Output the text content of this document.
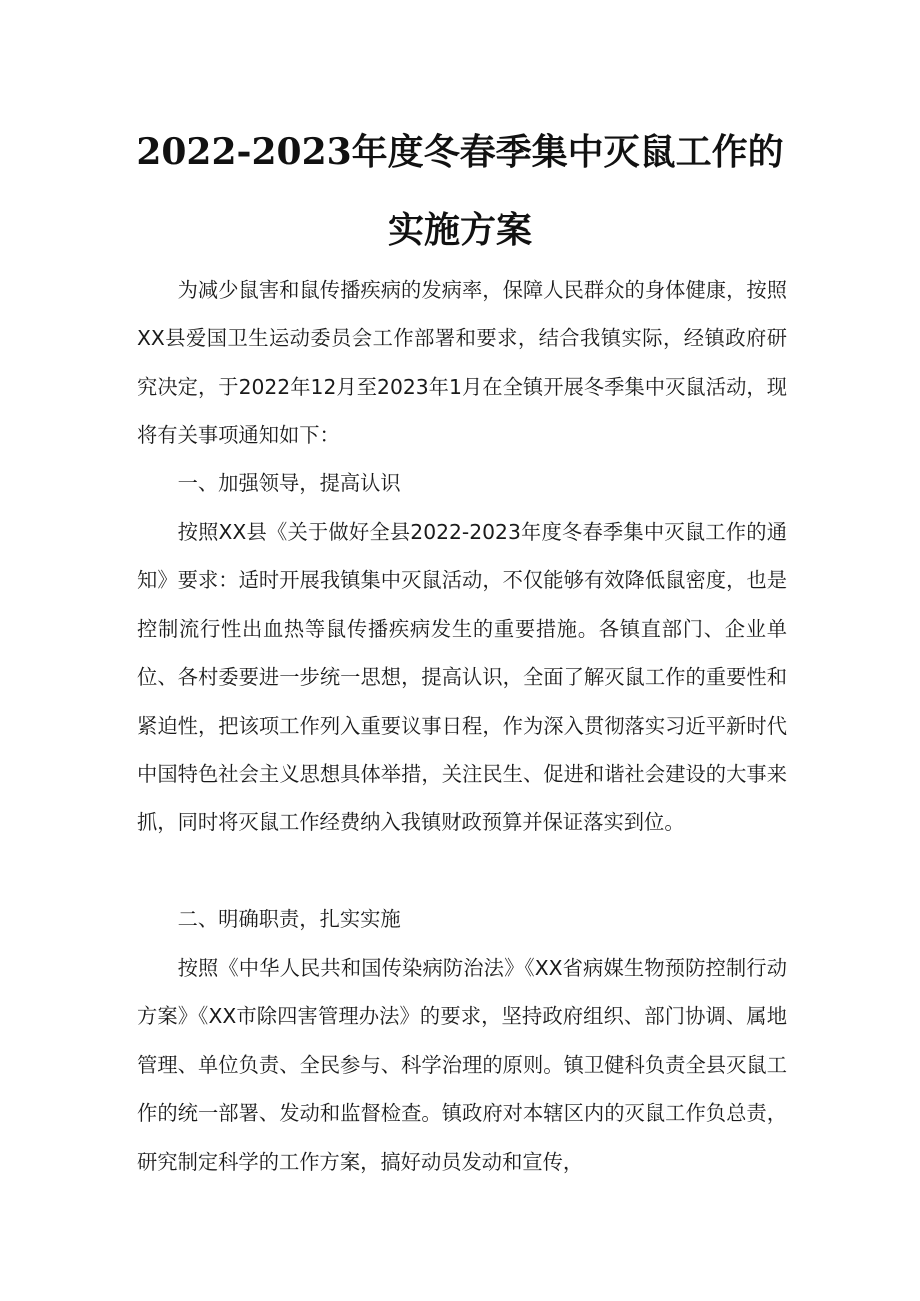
2022-2023年度冬春季集中灭鼠工作的
实施方案

为减少鼠害和鼠传播疾病的发病率，保障人民群众的身体健康，按照XX县爱国卫生运动委员会工作部署和要求，结合我镇实际，经镇政府研究决定，于2022年12月至2023年1月在全镇开展冬季集中灭鼠活动，现将有关事项通知如下：

一、加强领导，提高认识

按照XX县《关于做好全县2022-2023年度冬春季集中灭鼠工作的通知》要求：适时开展我镇集中灭鼠活动，不仅能够有效降低鼠密度，也是控制流行性出血热等鼠传播疾病发生的重要措施。各镇直部门、企业单位、各村委要进一步统一思想，提高认识，全面了解灭鼠工作的重要性和紧迫性，把该项工作列入重要议事日程，作为深入贯彻落实习近平新时代中国特色社会主义思想具体举措，关注民生、促进和谐社会建设的大事来抓，同时将灭鼠工作经费纳入我镇财政预算并保证落实到位。

二、明确职责，扎实实施

按照《中华人民共和国传染病防治法》《XX省病媒生物预防控制行动方案》《XX市除四害管理办法》的要求，坚持政府组织、部门协调、属地管理、单位负责、全民参与、科学治理的原则。镇卫健科负责全县灭鼠工作的统一部署、发动和监督检查。镇政府对本辖区内的灭鼠工作负总责，研究制定科学的工作方案，搞好动员发动和宣传，
